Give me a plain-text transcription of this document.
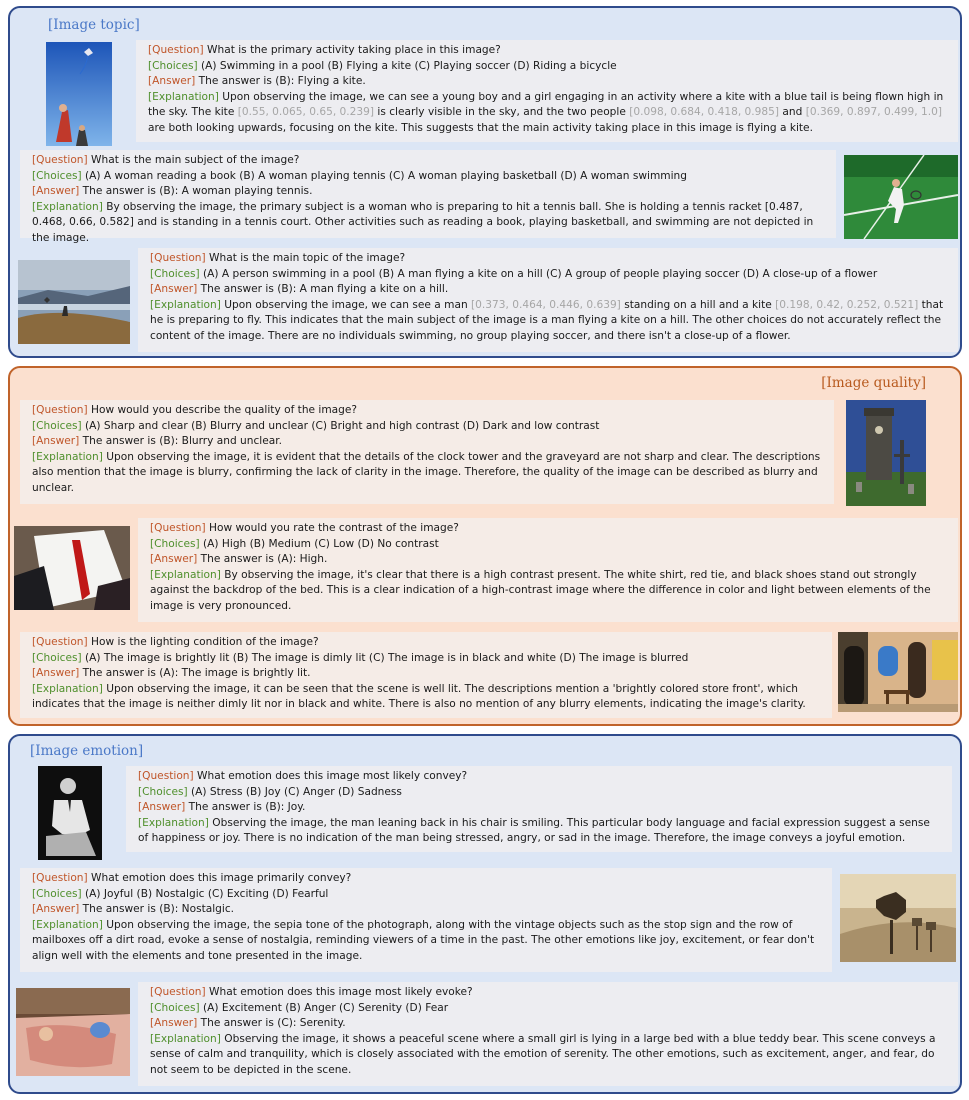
[Image topic]
[Question] What is the primary activity taking place in this image?
[Choices] (A) Swimming in a pool (B) Flying a kite (C) Playing soccer (D) Riding a bicycle
[Answer] The answer is (B): Flying a kite.
[Explanation] Upon observing the image, we can see a young boy and a girl engaging in an activity where a kite with a blue tail is being flown high in the sky. The kite [0.55, 0.065, 0.65, 0.239] is clearly visible in the sky, and the two people [0.098, 0.684, 0.418, 0.985] and [0.369, 0.897, 0.499, 1.0] are both looking upwards, focusing on the kite. This suggests that the main activity taking place in this image is flying a kite.
[Question] What is the main subject of the image?
[Choices] (A) A woman reading a book (B) A woman playing tennis (C) A woman playing basketball (D) A woman swimming
[Answer] The answer is (B): A woman playing tennis.
[Explanation] By observing the image, the primary subject is a woman who is preparing to hit a tennis ball. She is holding a tennis racket [0.487, 0.468, 0.66, 0.582] and is standing in a tennis court. Other activities such as reading a book, playing basketball, and swimming are not depicted in the image.
[Question] What is the main topic of the image?
[Choices] (A) A person swimming in a pool (B) A man flying a kite on a hill (C) A group of people playing soccer (D) A close-up of a flower
[Answer] The answer is (B): A man flying a kite on a hill.
[Explanation] Upon observing the image, we can see a man [0.373, 0.464, 0.446, 0.639] standing on a hill and a kite [0.198, 0.42, 0.252, 0.521] that he is preparing to fly. This indicates that the main subject of the image is a man flying a kite on a hill. The other choices do not accurately reflect the content of the image. There are no individuals swimming, no group playing soccer, and there isn't a close-up of a flower.
[Image quality]
[Question] How would you describe the quality of the image?
[Choices] (A) Sharp and clear (B) Blurry and unclear (C) Bright and high contrast (D) Dark and low contrast
[Answer] The answer is (B): Blurry and unclear.
[Explanation] Upon observing the image, it is evident that the details of the clock tower and the graveyard are not sharp and clear. The descriptions also mention that the image is blurry, confirming the lack of clarity in the image. Therefore, the quality of the image can be described as blurry and unclear.
[Question] How would you rate the contrast of the image?
[Choices] (A) High (B) Medium (C) Low (D) No contrast
[Answer] The answer is (A): High.
[Explanation] By observing the image, it's clear that there is a high contrast present. The white shirt, red tie, and black shoes stand out strongly against the backdrop of the bed. This is a clear indication of a high-contrast image where the difference in color and light between elements of the image is very pronounced.
[Question] How is the lighting condition of the image?
[Choices] (A) The image is brightly lit (B) The image is dimly lit (C) The image is in black and white (D) The image is blurred
[Answer] The answer is (A): The image is brightly lit.
[Explanation] Upon observing the image, it can be seen that the scene is well lit. The descriptions mention a 'brightly colored store front', which indicates that the image is neither dimly lit nor in black and white. There is also no mention of any blurry elements, indicating the image's clarity.
[Image emotion]
[Question] What emotion does this image most likely convey?
[Choices] (A) Stress (B) Joy (C) Anger (D) Sadness
[Answer] The answer is (B): Joy.
[Explanation] Observing the image, the man leaning back in his chair is smiling. This particular body language and facial expression suggest a sense of happiness or joy. There is no indication of the man being stressed, angry, or sad in the image. Therefore, the image conveys a joyful emotion.
[Question] What emotion does this image primarily convey?
[Choices] (A) Joyful (B) Nostalgic (C) Exciting (D) Fearful
[Answer] The answer is (B): Nostalgic.
[Explanation] Upon observing the image, the sepia tone of the photograph, along with the vintage objects such as the stop sign and the row of mailboxes off a dirt road, evoke a sense of nostalgia, reminding viewers of a time in the past. The other emotions like joy, excitement, or fear don't align well with the elements and tone presented in the image.
[Question] What emotion does this image most likely evoke?
[Choices] (A) Excitement (B) Anger (C) Serenity (D) Fear
[Answer] The answer is (C): Serenity.
[Explanation] Observing the image, it shows a peaceful scene where a small girl is lying in a large bed with a blue teddy bear. This scene conveys a sense of calm and tranquility, which is closely associated with the emotion of serenity. The other emotions, such as excitement, anger, and fear, do not seem to be depicted in the scene.
